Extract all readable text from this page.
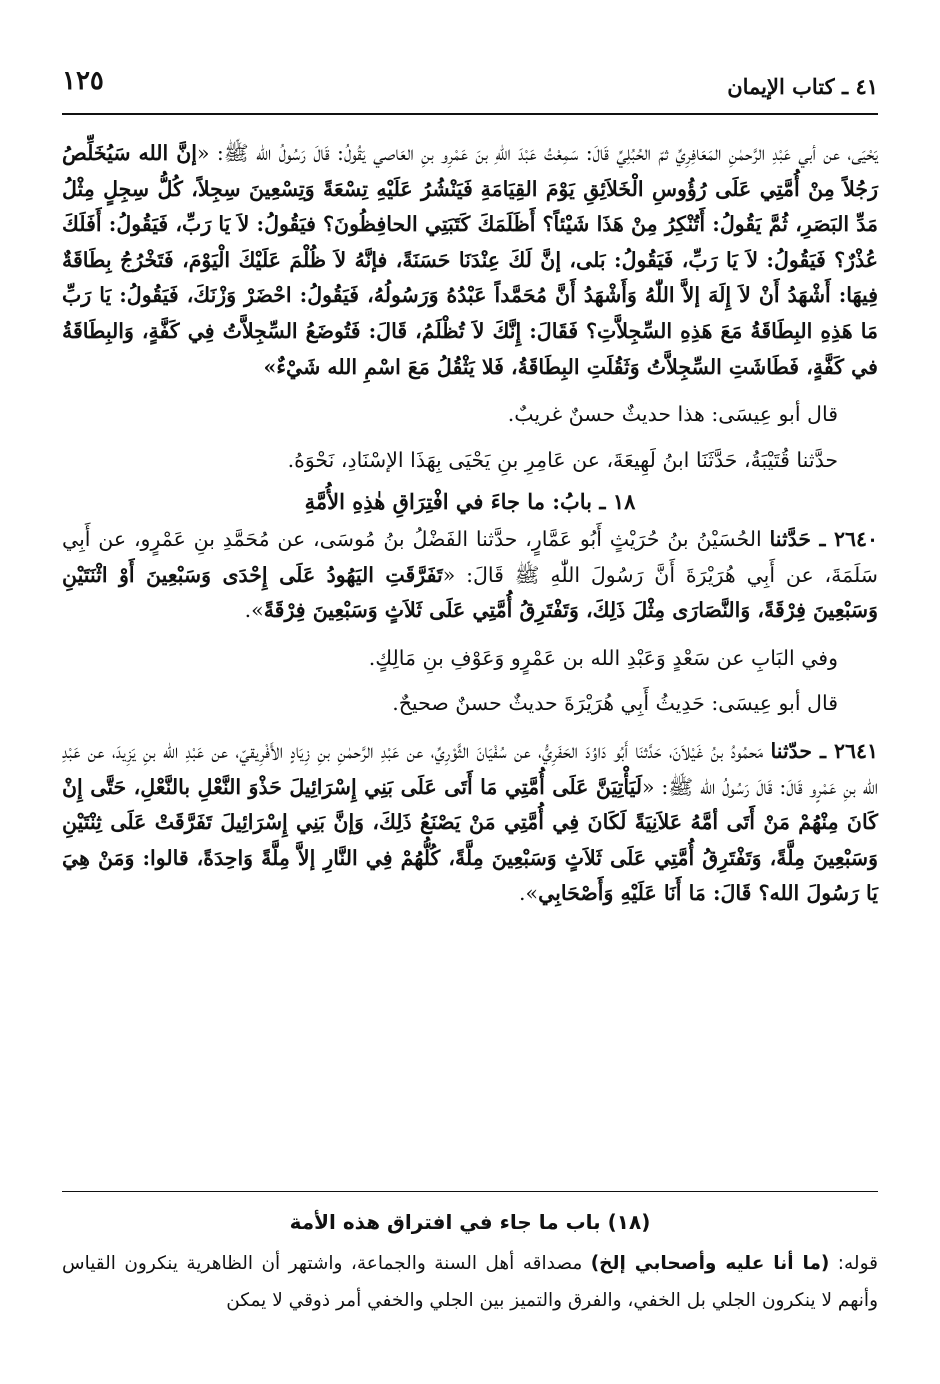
١٢٥	٤١ ـ كتاب الإيمان

يَحْيَى، عن أبي عَبْدِ الرَّحمٰنِ المَعَافِرِيِّ ثمّ الحُبُلِيِّ قَالَ: سَمِعْتُ عَبْدَ اللّٰهِ بنَ عَمْرِو بنِ العَاصي يَقُولُ: قَالَ رَسُولُ الله ﷺ: «إنَّ الله سَيُخَلِّصُ رَجُلاً مِنْ أُمَّتِي عَلَى رُؤُوسِ الْخَلاَئِقِ يَوْمَ القِيَامَةِ فَيَنْشُرُ عَلَيْهِ تِسْعَةً وَتِسْعِينَ سِجِلاً، كُلُّ سِجِلٍ مِثْلُ مَدِّ البَصَرِ، ثُمَّ يَقُولُ: أَتُنْكِرُ مِنْ هَذَا شَيْئاً؟ أَظَلَمَكَ كَتَبَتِي الحافِظُونَ؟ فيَقُولُ: لاَ يَا رَبِّ، فَيَقُولُ: أَفَلَكَ عُذْرٌ؟ فَيَقُولُ: لاَ يَا رَبِّ، فَيَقُولُ: بَلى، إنَّ لَكَ عِنْدَنَا حَسَنَةً، فإنَّهُ لاَ ظُلْمَ عَلَيْكَ الْيَوْمَ، فَتَخْرُجُ بِطَاقَةٌ فِيهَا: أَشْهَدُ أَنْ لاَ إِلَهَ إلاَّ اللّٰهُ وَأَشْهَدُ أَنَّ مُحَمَّداً عَبْدُهُ وَرَسُولُهُ، فَيَقُولُ: احْضَرْ وَزْنَكَ، فَيَقُولُ: يَا رَبِّ مَا هَذِهِ البِطَاقَةُ مَعَ هَذِهِ السِّجِلاَّتِ؟ فَقَالَ: إِنَّكَ لاَ تُظْلَمُ، قَالَ: فَتُوضَعُ السِّجِلاَّتُ فِي كَفَّةٍ، وَالبِطَاقَةُ في كَفَّةٍ، فَطَاشَتِ السِّجِلاَّتُ وَثَقُلَتِ البِطَاقَةُ، فَلا يَثْقُلُ مَعَ اسْمِ الله شَيْءٌ»

قال أبو عِيسَى: هذا حديثٌ حسنٌ غريبٌ.

حدَّثنا قُتَيْبَةُ، حَدَّثَنَا ابنُ لَهِيعَةَ، عن عَامِرِ بنِ يَحْيَى بِهَذَا الإسْنَادِ، نَحْوَهُ.

١٨ ـ بابُ: ما جاءَ في افْتِرَاقِ هٰذِهِ الأُمَّةِ

٢٦٤٠ ـ حَدَّثنا الحُسَيْنُ بنُ حُرَيْثٍ أَبُو عَمَّارٍ، حدَّثنا الفَضْلُ بنُ مُوسَى، عن مُحَمَّدِ بنِ عَمْرٍو، عن أَبِي سَلَمَةَ، عن أَبِي هُرَيْرَةَ أَنَّ رَسُولَ اللّٰهِ ﷺ قَالَ: «تَفَرَّقَتِ اليَهُودُ عَلَى إِحْدَى وَسَبْعِينَ أَوْ اثْنَتَيْنِ وَسَبْعِينَ فِرْقَةً، وَالنَّصَارَى مِثْلَ ذَلِكَ، وَتَفْتَرِقُ أُمَّتِي عَلَى ثَلاَثٍ وَسَبْعِينَ فِرْقَةً».

وفي البَابِ عن سَعْدٍ وَعَبْدِ الله بن عَمْرٍو وَعَوْفِ بنِ مَالِكٍ.

قال أبو عِيسَى: حَدِيثُ أَبِي هُرَيْرَةَ حديثٌ حسنٌ صحيحٌ.

٢٦٤١ ـ حدّثنا مَحمُودُ بنُ غَيْلاَنَ، حَدَّثنَا أَبُو دَاوُدَ الحَفَرِيُّ، عن سُفْيَانَ الثَّوْرِيِّ، عن عَبْدِ الرَّحمٰنِ بنِ زِيَادٍ الأَفْرِيقيّ، عن عَبْدِ الله بنِ يَزِيدَ، عن عَبْدِ الله بنِ عَمْرٍو قَالَ: قَالَ رَسُولُ الله ﷺ: «لَيَأْتِيَنَّ عَلَى أُمَّتِي مَا أَتَى عَلَى بَنِي إِسْرَائِيلَ حَذْوَ النَّعْلِ بالنَّعْلِ، حَتَّى إِنْ كَانَ مِنْهُمْ مَنْ أَتَى أمَّهُ عَلاَنِيَةً لَكَانَ فِي أُمَّتِي مَنْ يَصْنَعُ ذَلِكَ، وَإنَّ بَنِي إِسْرَائِيلَ تَفَرَّقَتْ عَلَى ثِنْتَيْنِ وَسَبْعِينَ مِلَّةً، وَتَفْتَرِقُ أُمَّتِي عَلَى ثَلاَثٍ وَسَبْعِينَ مِلَّةً، كُلُّهُمْ فِي النَّارِ إلاَّ مِلَّةً وَاحِدَةً، قالوا: وَمَنْ هِيَ يَا رَسُولَ الله؟ قَالَ: مَا أَنَا عَلَيْهِ وَأَصْحَابِي».

(١٨) باب ما جاء في افتراق هذه الأمة

قوله: (ما أنا عليه وأصحابي إلخ) مصداقه أهل السنة والجماعة، واشتهر أن الظاهرية ينكرون القياس وأنهم لا ينكرون الجلي بل الخفي، والفرق والتميز بين الجلي والخفي أمر ذوقي لا يمكن
